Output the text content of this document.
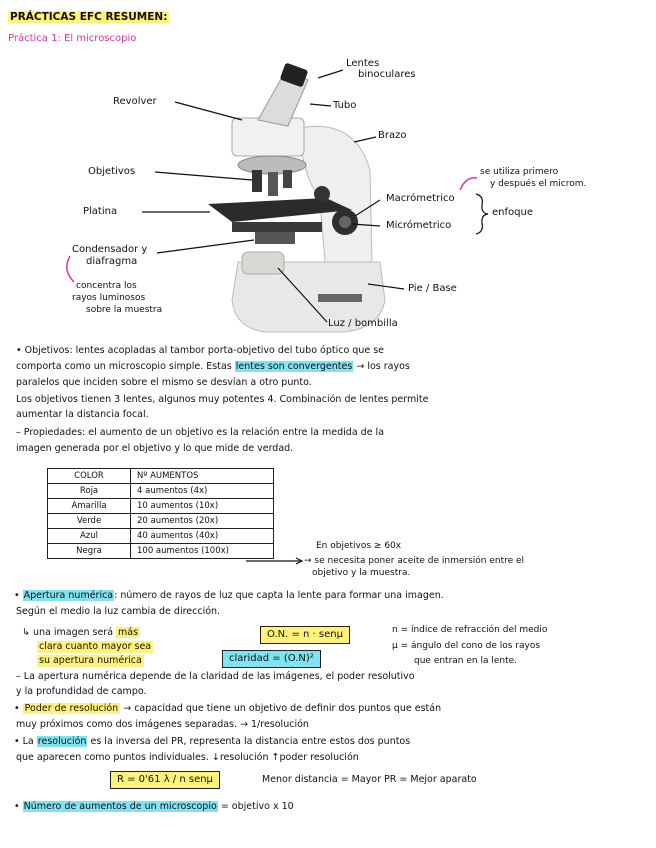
PRÁCTICAS EFC RESUMEN:
Práctica 1: El microscopio
Lentes
binoculares
Revolver	Tubo
Brazo
Objetivos
Platina
Macrómetrico
Micrómetrico
enfoque
se utiliza primero
y después el microm.
Condensador y
diafragma
concentra los
rayos luminosos
sobre la muestra
Pie / Base
Luz / bombilla
• Objetivos: lentes acopladas al tambor porta-objetivo del tubo óptico que se
comporta como un microscopio simple. Estas lentes son convergentes → los rayos
paralelos que inciden sobre el mismo se desvían a otro punto.
Los objetivos tienen 3 lentes, algunos muy potentes 4. Combinación de lentes permite
aumentar la distancia focal.
– Propiedades: el aumento de un objetivo es la relación entre la medida de la
imagen generada por el objetivo y lo que mide de verdad.
COLOR	Nº AUMENTOS
Roja	4 aumentos (4x)
Amarilla	10 aumentos (10x)
Verde	20 aumentos (20x)
Azul	40 aumentos (40x)
Negra	100 aumentos (100x)	En objetivos ≥ 60x
→ se necesita poner aceite de inmersión entre el
objetivo y la muestra.
• Apertura numérica: número de rayos de luz que capta la lente para formar una imagen.
Según el medio la luz cambia de dirección.
↳ una imagen será más
clara cuanto mayor sea
su apertura numérica
O.N. = n · senμ
claridad = (O.N)²
n = índice de refracción del medio
μ = ángulo del cono de los rayos
que entran en la lente.
– La apertura numérica depende de la claridad de las imágenes, el poder resolutivo
y la profundidad de campo.
• Poder de resolución → capacidad que tiene un objetivo de definir dos puntos que están
muy próximos como dos imágenes separadas. → 1/resolución
• La resolución es la inversa del PR, representa la distancia entre estos dos puntos
que aparecen como puntos individuales. ↓resolución ↑poder resolución
R = 0'61 λ / n senμ	Menor distancia = Mayor PR = Mejor aparato
• Número de aumentos de un microscopio = objetivo x 10
